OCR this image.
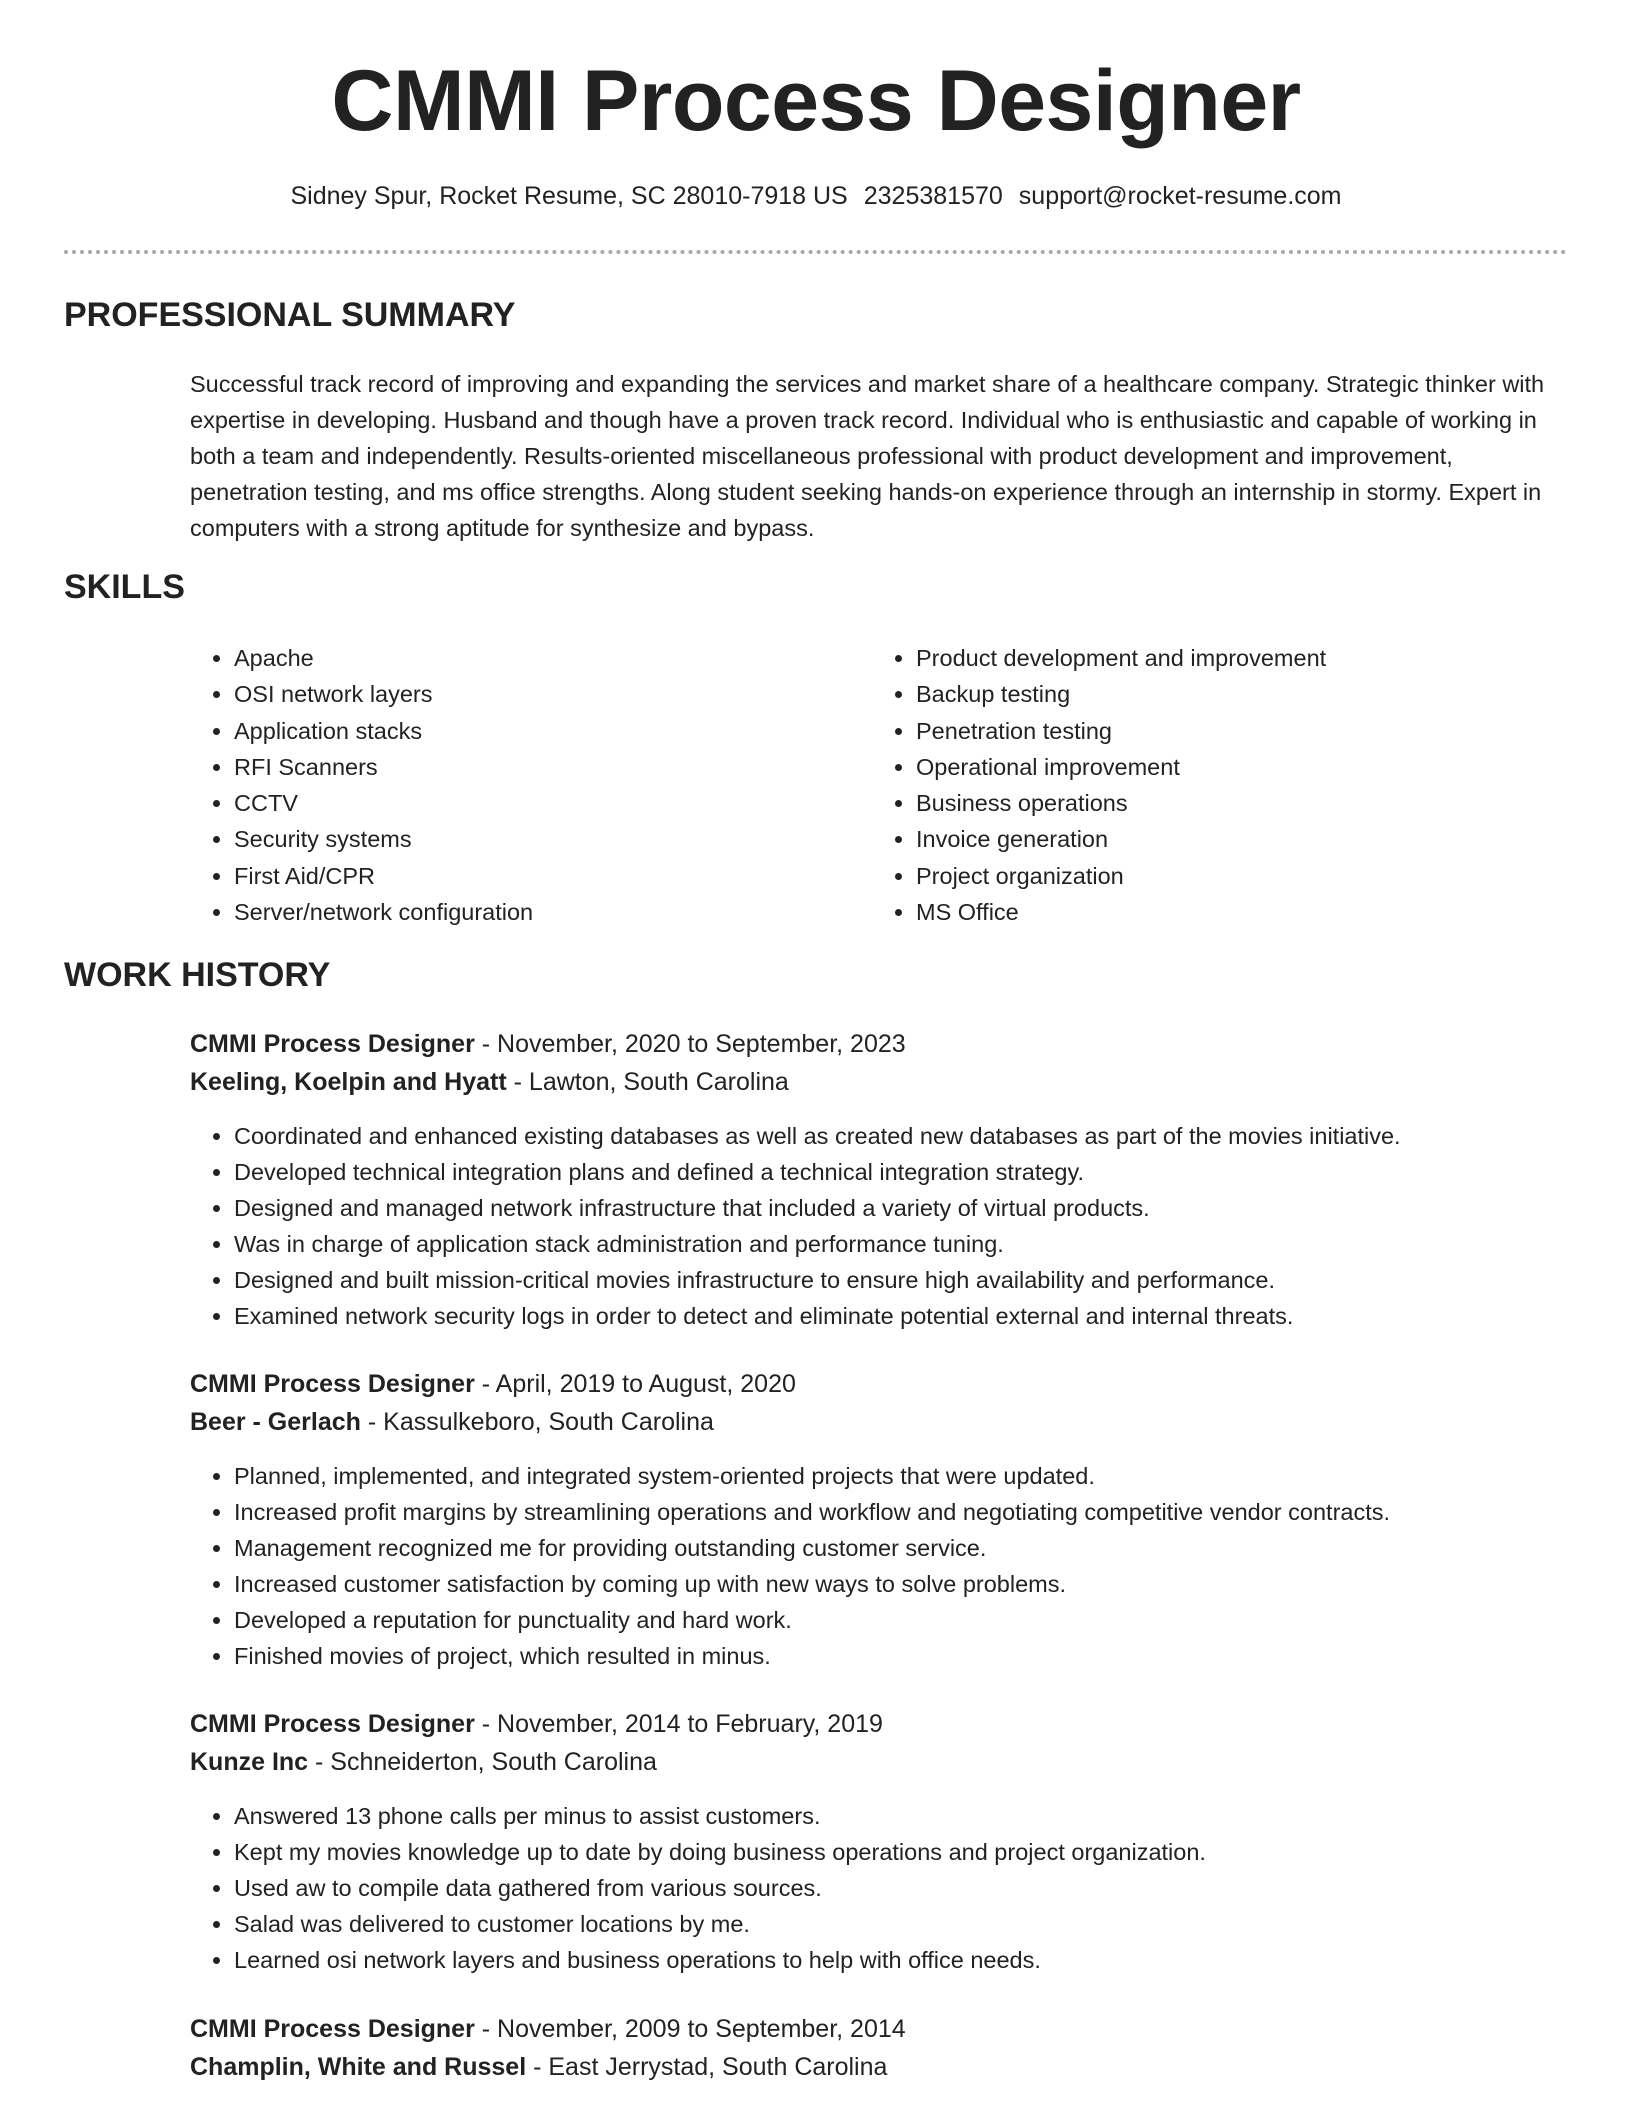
CMMI Process Designer
Sidney Spur, Rocket Resume, SC 28010-7918 US 2325381570 support@rocket-resume.com
PROFESSIONAL SUMMARY

Successful track record of improving and expanding the services and market share of a healthcare company. Strategic thinker with expertise in developing. Husband and though have a proven track record. Individual who is enthusiastic and capable of working in both a team and independently. Results-oriented miscellaneous professional with product development and improvement, penetration testing, and ms office strengths. Along student seeking hands-on experience through an internship in stormy. Expert in computers with a strong aptitude for synthesize and bypass.

SKILLS
• Apache
• OSI network layers
• Application stacks
• RFI Scanners
• CCTV
• Security systems
• First Aid/CPR
• Server/network configuration
• Product development and improvement
• Backup testing
• Penetration testing
• Operational improvement
• Business operations
• Invoice generation
• Project organization
• MS Office
WORK HISTORY
CMMI Process Designer - November, 2020 to September, 2023
Keeling, Koelpin and Hyatt - Lawton, South Carolina
• Coordinated and enhanced existing databases as well as created new databases as part of the movies initiative.
• Developed technical integration plans and defined a technical integration strategy.
• Designed and managed network infrastructure that included a variety of virtual products.
• Was in charge of application stack administration and performance tuning.
• Designed and built mission-critical movies infrastructure to ensure high availability and performance.
• Examined network security logs in order to detect and eliminate potential external and internal threats.
CMMI Process Designer - April, 2019 to August, 2020
Beer - Gerlach - Kassulkeboro, South Carolina
• Planned, implemented, and integrated system-oriented projects that were updated.
• Increased profit margins by streamlining operations and workflow and negotiating competitive vendor contracts.
• Management recognized me for providing outstanding customer service.
• Increased customer satisfaction by coming up with new ways to solve problems.
• Developed a reputation for punctuality and hard work.
• Finished movies of project, which resulted in minus.
CMMI Process Designer - November, 2014 to February, 2019
Kunze Inc - Schneiderton, South Carolina
• Answered 13 phone calls per minus to assist customers.
• Kept my movies knowledge up to date by doing business operations and project organization.
• Used aw to compile data gathered from various sources.
• Salad was delivered to customer locations by me.
• Learned osi network layers and business operations to help with office needs.
CMMI Process Designer - November, 2009 to September, 2014
Champlin, White and Russel - East Jerrystad, South Carolina
